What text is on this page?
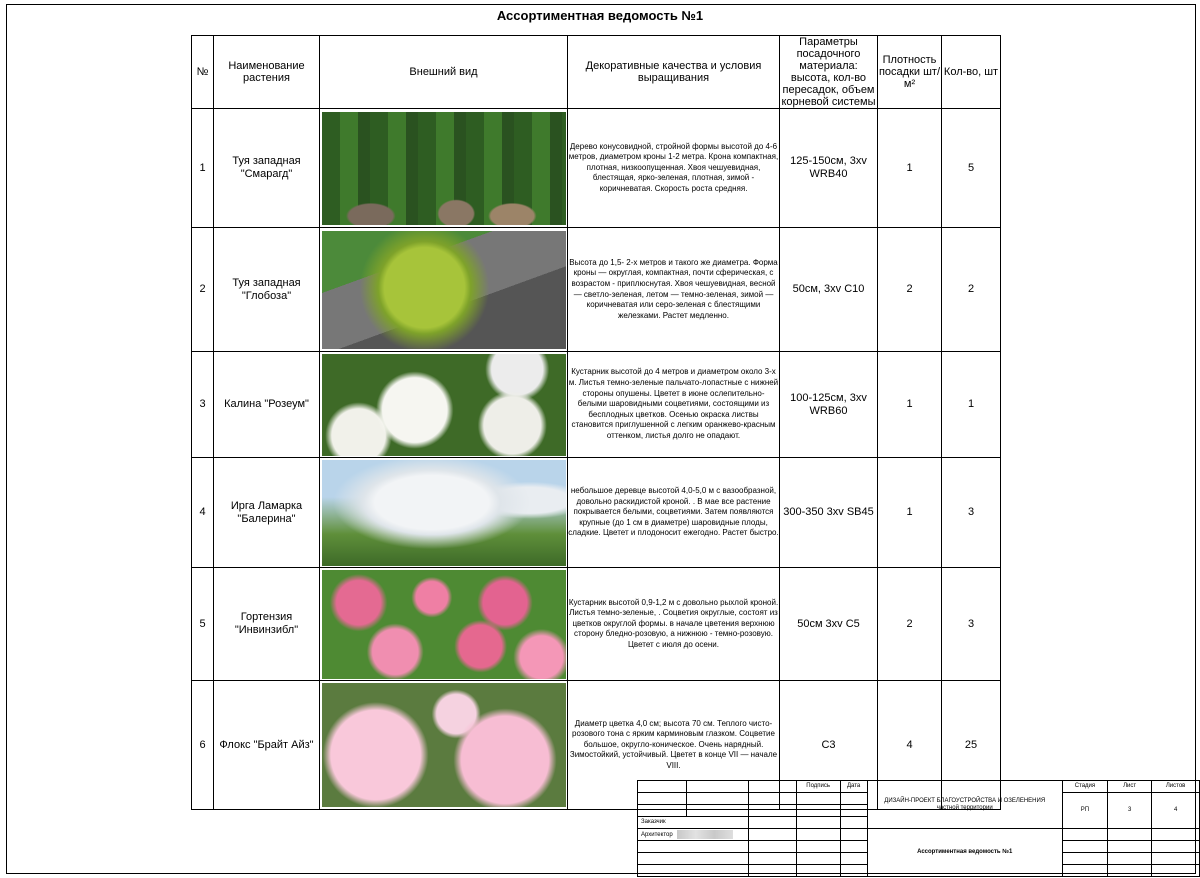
Ассортиментная ведомость №1
№	Наименование растения	Внешний вид	Декоративные качества и условия выращивания	Параметры посадочного материала: высота, кол-во пересадок, объем корневой системы	Плотность посадки шт/м²	Кол-во, шт
1	Туя западная "Смарагд"		Дерево конусовидной, стройной формы высотой до 4-6 метров, диаметром кроны 1-2 метра. Крона компактная, плотная, низкоопущенная. Хвоя чешуевидная, блестящая, ярко-зеленая, плотная, зимой - коричневатая. Скорость роста средняя.	125-150см, 3хv WRB40	1	5
2	Туя западная "Глобоза"		Высота до 1,5- 2-х метров и такого же диаметра. Форма кроны — округлая, компактная, почти сферическая, с возрастом - приплюснутая. Хвоя чешуевидная, весной — светло-зеленая, летом — темно-зеленая, зимой — коричневатая или серо-зеленая с блестящими железками. Растет медленно.	50см, 3хv C10	2	2
3	Калина "Розеум"		Кустарник высотой до 4 метров и диаметром около 3-х м. Листья темно-зеленые пальчато-лопастные с нижней стороны опушены. Цветет в июне ослепительно-белыми шаровидными соцветиями, состоящими из бесплодных цветков. Осенью окраска листвы становится приглушенной с легким оранжево-красным оттенком, листья долго не опадают.	100-125см, 3хv WRB60	1	1
4	Ирга Ламарка "Балерина"		небольшое деревце высотой 4,0-5,0 м с вазообразной, довольно раскидистой кроной. . В мае все растение покрывается белыми, соцветиями. Затем появляются крупные (до 1 см в диаметре) шаровидные плоды, сладкие. Цветет и плодоносит ежегодно. Растет быстро.	300-350 3хv SB45	1	3
5	Гортензия "Инвинзибл"		Кустарник высотой 0,9-1,2 м с довольно рыхлой кроной. Листья темно-зеленые, . Соцветия округлые, состоят из цветков округлой формы. в начале цветения верхнюю сторону бледно-розовую, а нижнюю - темно-розовую. Цветет с июля до осени.	50см 3хv C5	2	3
6	Флокс "Брайт Айз"		Диаметр цветка 4,0 см; высота 70 см. Теплого чисто-розового тона с ярким карминовым глазком. Соцветие большое, округло-коническое. Очень нарядный. Зимостойкий, устойчивый. Цветет в конце VII — начале VIII.	С3	4	25
			Подпись	Дата	ДИЗАЙН-ПРОЕКТ БЛАГОУСТРОЙСТВА И ОЗЕЛЕНЕНИЯ частной территории	Стадия	Лист	Листов
						РП	3	4

Заказчик								
Архитектор					Ассортиментная ведомость №1			
